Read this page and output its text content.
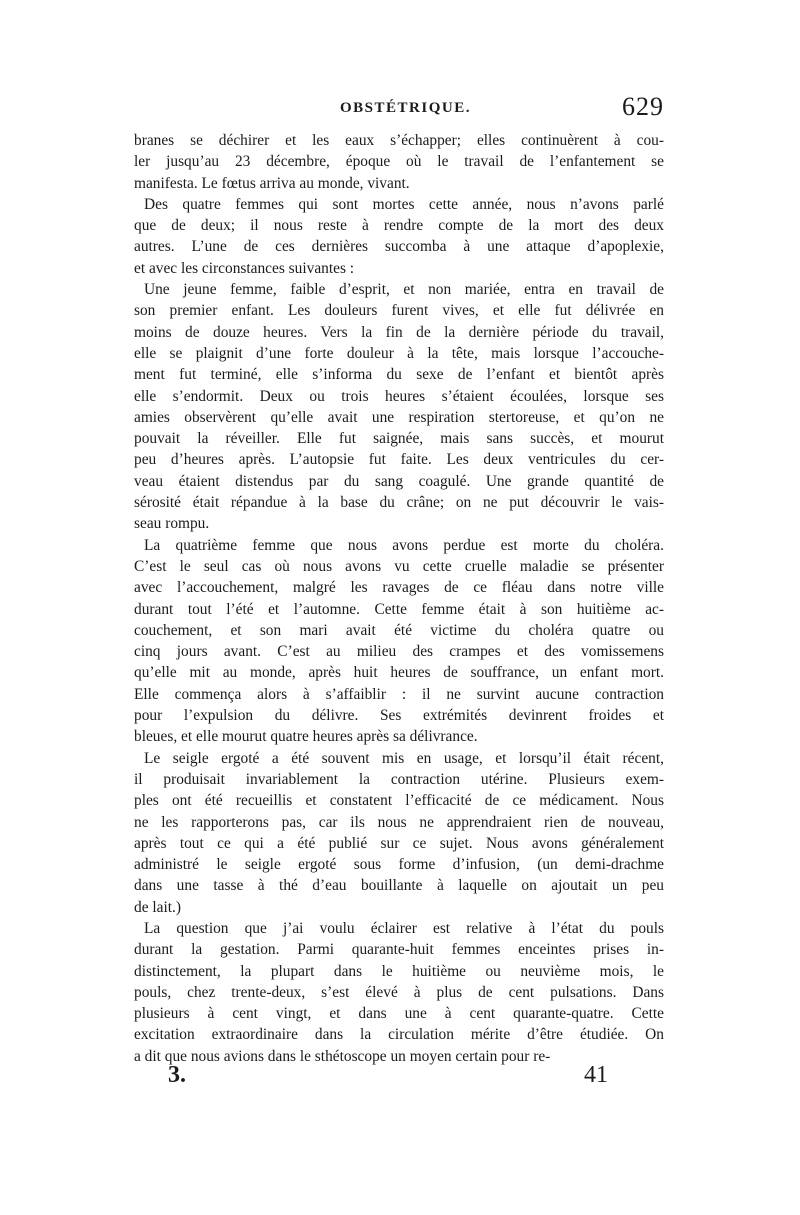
OBSTÉTRIQUE.	629

branes se déchirer et les eaux s’échapper; elles continuèrent à cou-
ler jusqu’au 23 décembre, époque où le travail de l’enfantement se
manifesta. Le fœtus arriva au monde, vivant.

Des quatre femmes qui sont mortes cette année, nous n’avons parlé
que de deux; il nous reste à rendre compte de la mort des deux
autres. L’une de ces dernières succomba à une attaque d’apoplexie,
et avec les circonstances suivantes :

Une jeune femme, faible d’esprit, et non mariée, entra en travail de
son premier enfant. Les douleurs furent vives, et elle fut délivrée en
moins de douze heures. Vers la fin de la dernière période du travail,
elle se plaignit d’une forte douleur à la tête, mais lorsque l’accouche-
ment fut terminé, elle s’informa du sexe de l’enfant et bientôt après
elle s’endormit. Deux ou trois heures s’étaient écoulées, lorsque ses
amies observèrent qu’elle avait une respiration stertoreuse, et qu’on ne
pouvait la réveiller. Elle fut saignée, mais sans succès, et mourut
peu d’heures après. L’autopsie fut faite. Les deux ventricules du cer-
veau étaient distendus par du sang coagulé. Une grande quantité de
sérosité était répandue à la base du crâne; on ne put découvrir le vais-
seau rompu.

La quatrième femme que nous avons perdue est morte du choléra.
C’est le seul cas où nous avons vu cette cruelle maladie se présenter
avec l’accouchement, malgré les ravages de ce fléau dans notre ville
durant tout l’été et l’automne. Cette femme était à son huitième ac-
couchement, et son mari avait été victime du choléra quatre ou
cinq jours avant. C’est au milieu des crampes et des vomissemens
qu’elle mit au monde, après huit heures de souffrance, un enfant mort.
Elle commença alors à s’affaiblir : il ne survint aucune contraction
pour l’expulsion du délivre. Ses extrémités devinrent froides et
bleues, et elle mourut quatre heures après sa délivrance.

Le seigle ergoté a été souvent mis en usage, et lorsqu’il était récent,
il produisait invariablement la contraction utérine. Plusieurs exem-
ples ont été recueillis et constatent l’efficacité de ce médicament. Nous
ne les rapporterons pas, car ils nous ne apprendraient rien de nouveau,
après tout ce qui a été publié sur ce sujet. Nous avons généralement
administré le seigle ergoté sous forme d’infusion, (un demi-drachme
dans une tasse à thé d’eau bouillante à laquelle on ajoutait un peu
de lait.)

La question que j’ai voulu éclairer est relative à l’état du pouls
durant la gestation. Parmi quarante-huit femmes enceintes prises in-
distinctement, la plupart dans le huitième ou neuvième mois, le
pouls, chez trente-deux, s’est élevé à plus de cent pulsations. Dans
plusieurs à cent vingt, et dans une à cent quarante-quatre. Cette
excitation extraordinaire dans la circulation mérite d’être étudiée. On
a dit que nous avions dans le sthétoscope un moyen certain pour re-

3.	41
